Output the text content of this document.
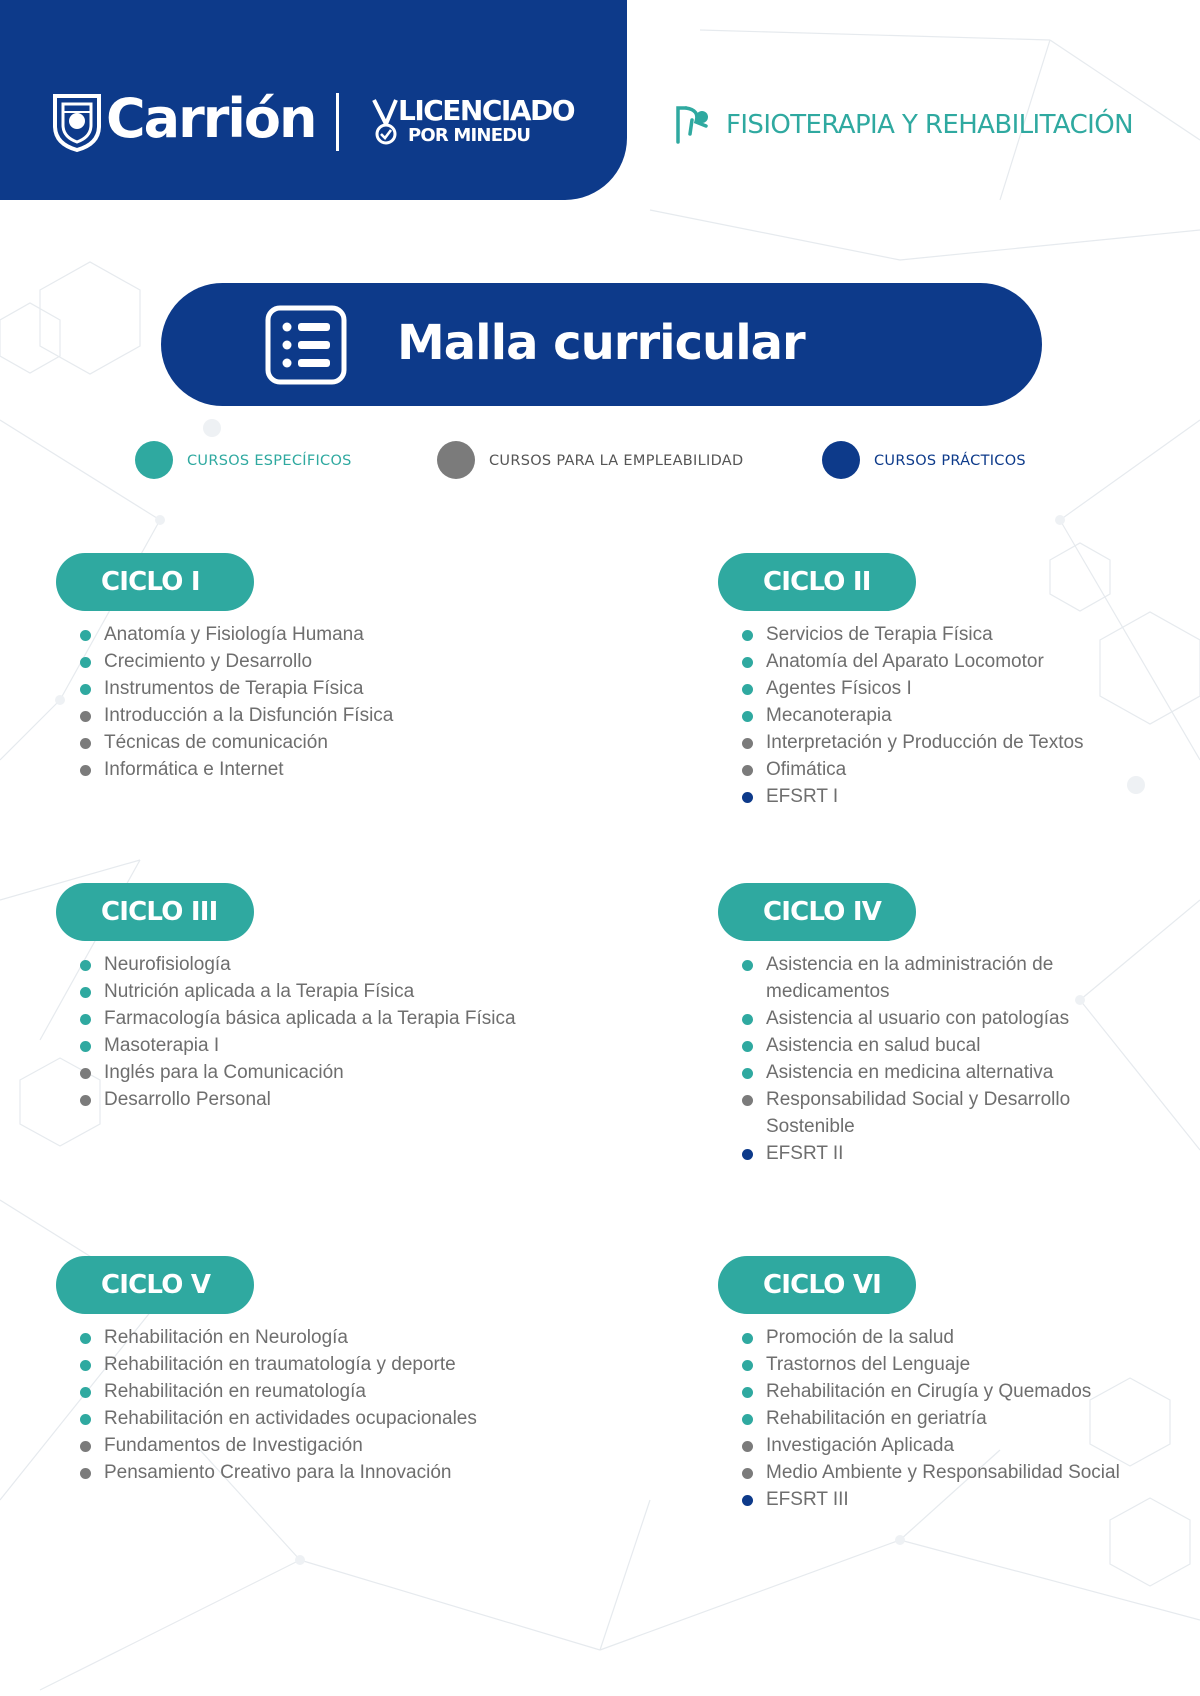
Carrión	LICENCIADO
POR MINEDU	FISIOTERAPIA Y REHABILITACIÓN
Malla curricular
CURSOS ESPECÍFICOS	CURSOS PARA LA EMPLEABILIDAD	CURSOS PRÁCTICOS
CICLO I
Anatomía y Fisiología Humana
Crecimiento y Desarrollo
Instrumentos de Terapia Física
Introducción a la Disfunción Física
Técnicas de comunicación
Informática e Internet
CICLO II
Servicios de Terapia Física
Anatomía del Aparato Locomotor
Agentes Físicos I
Mecanoterapia
Interpretación y Producción de Textos
Ofimática
EFSRT I
CICLO III
Neurofisiología
Nutrición aplicada a la Terapia Física
Farmacología básica aplicada a la Terapia Física
Masoterapia I
Inglés para la Comunicación
Desarrollo Personal
CICLO IV
Asistencia en la administración de medicamentos
Asistencia al usuario con patologías
Asistencia en salud bucal
Asistencia en medicina alternativa
Responsabilidad Social y Desarrollo Sostenible
EFSRT II
CICLO V
Rehabilitación en Neurología
Rehabilitación en traumatología y deporte
Rehabilitación en reumatología
Rehabilitación en actividades ocupacionales
Fundamentos de Investigación
Pensamiento Creativo para la Innovación
CICLO VI
Promoción de la salud
Trastornos del Lenguaje
Rehabilitación en Cirugía y Quemados
Rehabilitación en geriatría
Investigación Aplicada
Medio Ambiente y Responsabilidad Social
EFSRT III
